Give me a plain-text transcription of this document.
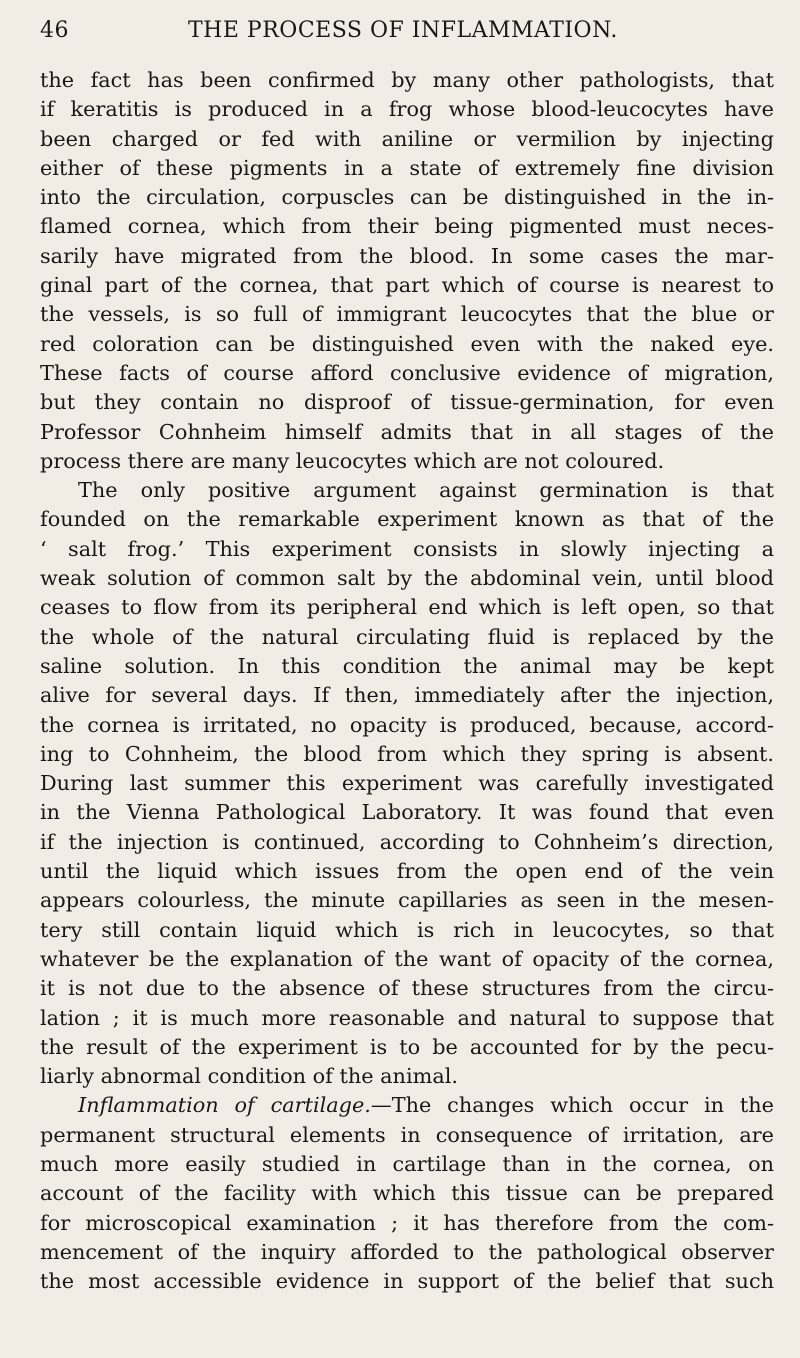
46	THE PROCESS OF INFLAMMATION.
the fact has been confirmed by many other pathologists, that
if keratitis is produced in a frog whose blood-leucocytes have
been charged or fed with aniline or vermilion by injecting
either of these pigments in a state of extremely fine division
into the circulation, corpuscles can be distinguished in the in-
flamed cornea, which from their being pigmented must neces-
sarily have migrated from the blood. In some cases the mar-
ginal part of the cornea, that part which of course is nearest to
the vessels, is so full of immigrant leucocytes that the blue or
red coloration can be distinguished even with the naked eye.
These facts of course afford conclusive evidence of migration,
but they contain no disproof of tissue-germination, for even
Professor Cohnheim himself admits that in all stages of the
process there are many leucocytes which are not coloured.
The only positive argument against germination is that
founded on the remarkable experiment known as that of the
‘ salt frog.’ This experiment consists in slowly injecting a
weak solution of common salt by the abdominal vein, until blood
ceases to flow from its peripheral end which is left open, so that
the whole of the natural circulating fluid is replaced by the
saline solution. In this condition the animal may be kept
alive for several days. If then, immediately after the injection,
the cornea is irritated, no opacity is produced, because, accord-
ing to Cohnheim, the blood from which they spring is absent.
During last summer this experiment was carefully investigated
in the Vienna Pathological Laboratory. It was found that even
if the injection is continued, according to Cohnheim’s direction,
until the liquid which issues from the open end of the vein
appears colourless, the minute capillaries as seen in the mesen-
tery still contain liquid which is rich in leucocytes, so that
whatever be the explanation of the want of opacity of the cornea,
it is not due to the absence of these structures from the circu-
lation ; it is much more reasonable and natural to suppose that
the result of the experiment is to be accounted for by the pecu-
liarly abnormal condition of the animal.
Inflammation of cartilage.—The changes which occur in the
permanent structural elements in consequence of irritation, are
much more easily studied in cartilage than in the cornea, on
account of the facility with which this tissue can be prepared
for microscopical examination ; it has therefore from the com-
mencement of the inquiry afforded to the pathological observer
the most accessible evidence in support of the belief that such
